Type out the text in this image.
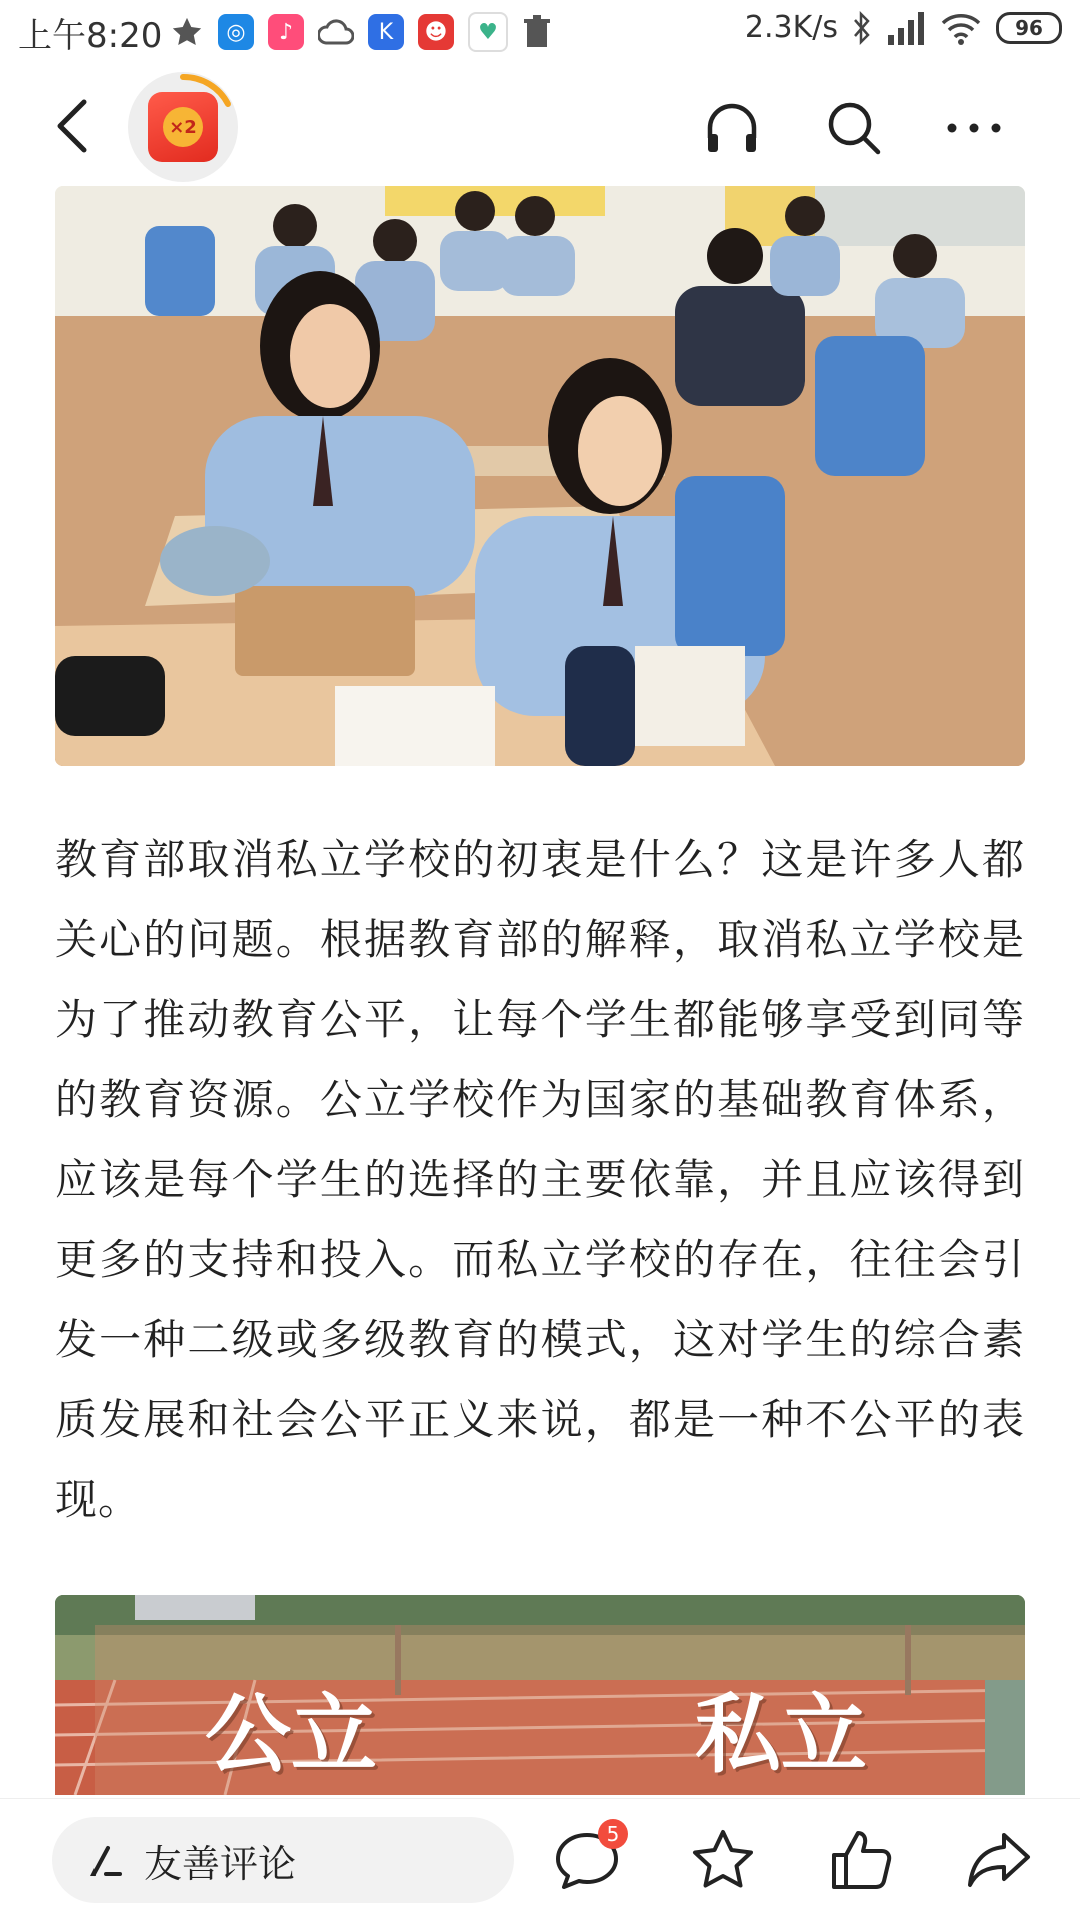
上午8:20	◎	♪	K	☻	♥	2.3K/s	96
×2
教育部取消私立学校的初衷是什么？这是许多人都关心的问题。根据教育部的解释，取消私立学校是为了推动教育公平，让每个学生都能够享受到同等的教育资源。公立学校作为国家的基础教育体系，应该是每个学生的选择的主要依靠，并且应该得到更多的支持和投入。而私立学校的存在，往往会引发一种二级或多级教育的模式，这对学生的综合素质发展和社会公平正义来说，都是一种不公平的表现。
公立	私立
友善评论
5
